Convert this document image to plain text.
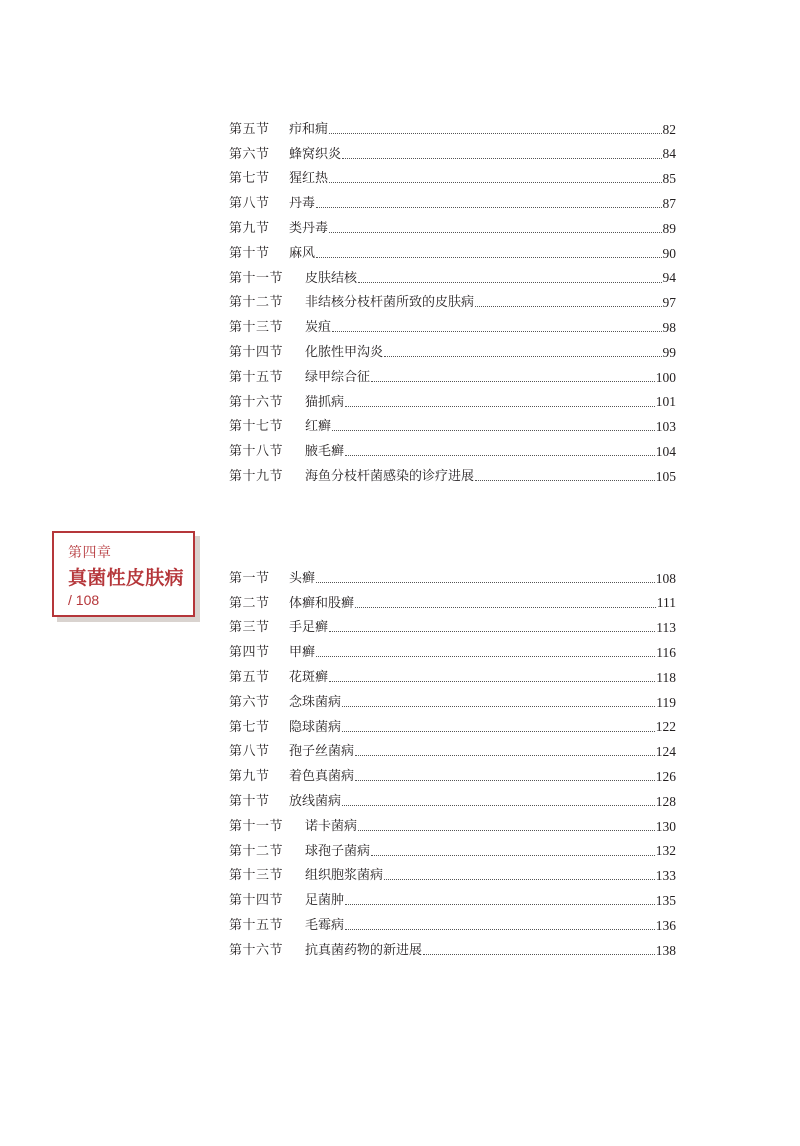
第五节	疖和痈	82
第六节	蜂窝织炎	84
第七节	猩红热	85
第八节	丹毒	87
第九节	类丹毒	89
第十节	麻风	90
第十一节	皮肤结核	94
第十二节	非结核分枝杆菌所致的皮肤病	97
第十三节	炭疽	98
第十四节	化脓性甲沟炎	99
第十五节	绿甲综合征	100
第十六节	猫抓病	101
第十七节	红癣	103
第十八节	腋毛癣	104
第十九节	海鱼分枝杆菌感染的诊疗进展	105
第四章
真菌性皮肤病
/ 108
第一节	头癣	108
第二节	体癣和股癣	111
第三节	手足癣	113
第四节	甲癣	116
第五节	花斑癣	118
第六节	念珠菌病	119
第七节	隐球菌病	122
第八节	孢子丝菌病	124
第九节	着色真菌病	126
第十节	放线菌病	128
第十一节	诺卡菌病	130
第十二节	球孢子菌病	132
第十三节	组织胞浆菌病	133
第十四节	足菌肿	135
第十五节	毛霉病	136
第十六节	抗真菌药物的新进展	138
